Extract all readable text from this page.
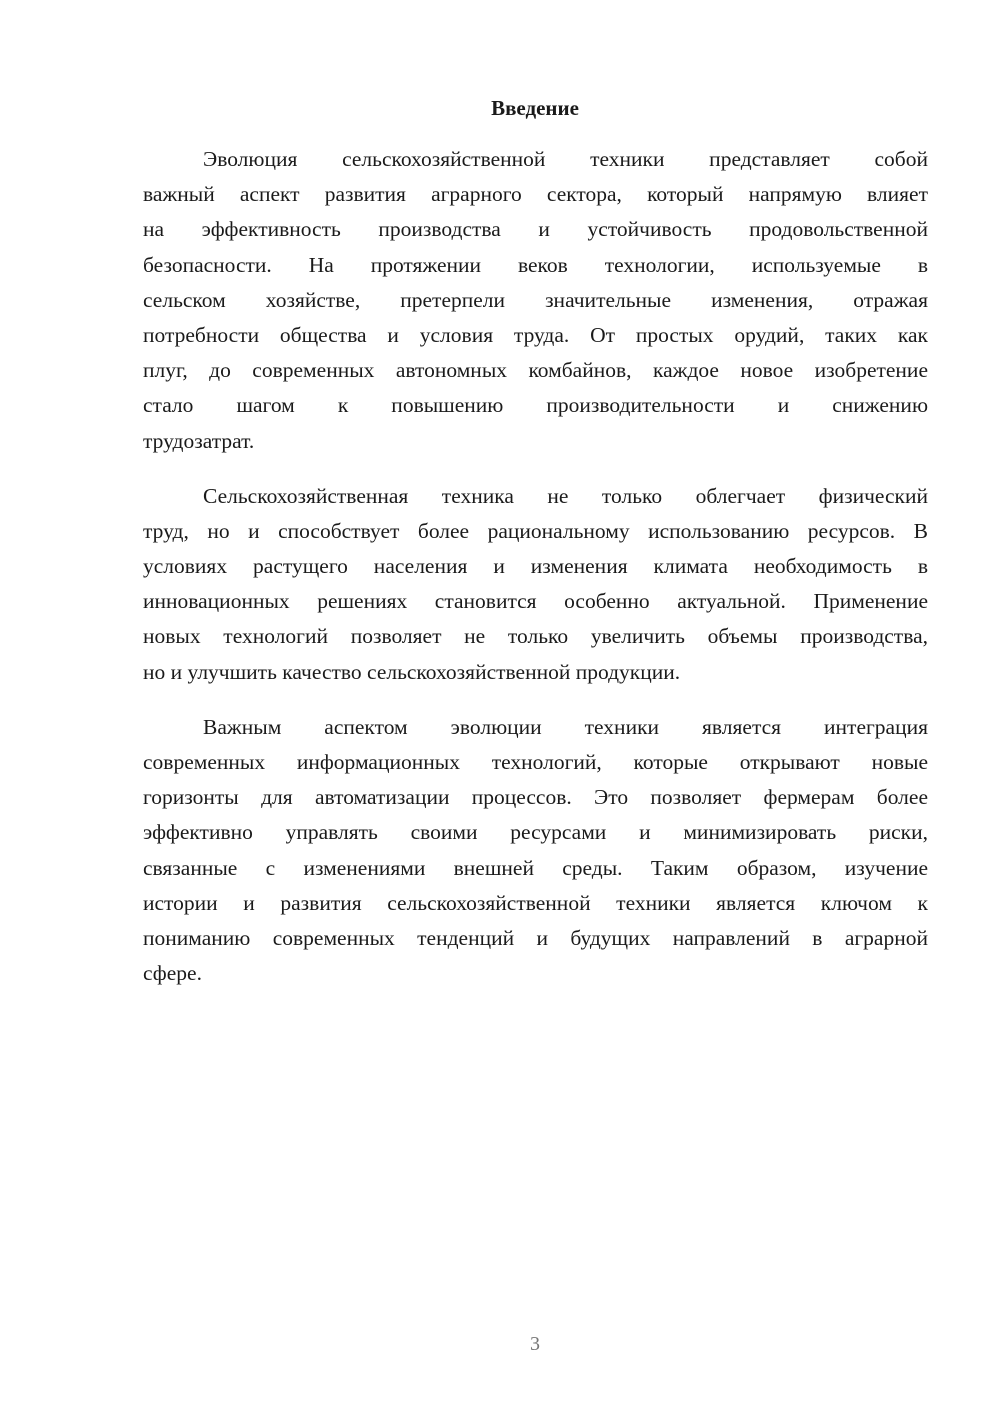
Введение
Эволюция сельскохозяйственной техники представляет собой
важный аспект развития аграрного сектора, который напрямую влияет
на эффективность производства и устойчивость продовольственной
безопасности. На протяжении веков технологии, используемые в
сельском хозяйстве, претерпели значительные изменения, отражая
потребности общества и условия труда. От простых орудий, таких как
плуг, до современных автономных комбайнов, каждое новое изобретение
стало шагом к повышению производительности и снижению
трудозатрат.
Сельскохозяйственная техника не только облегчает физический
труд, но и способствует более рациональному использованию ресурсов. В
условиях растущего населения и изменения климата необходимость в
инновационных решениях становится особенно актуальной. Применение
новых технологий позволяет не только увеличить объемы производства,
но и улучшить качество сельскохозяйственной продукции.
Важным аспектом эволюции техники является интеграция
современных информационных технологий, которые открывают новые
горизонты для автоматизации процессов. Это позволяет фермерам более
эффективно управлять своими ресурсами и минимизировать риски,
связанные с изменениями внешней среды. Таким образом, изучение
истории и развития сельскохозяйственной техники является ключом к
пониманию современных тенденций и будущих направлений в аграрной
сфере.
3
